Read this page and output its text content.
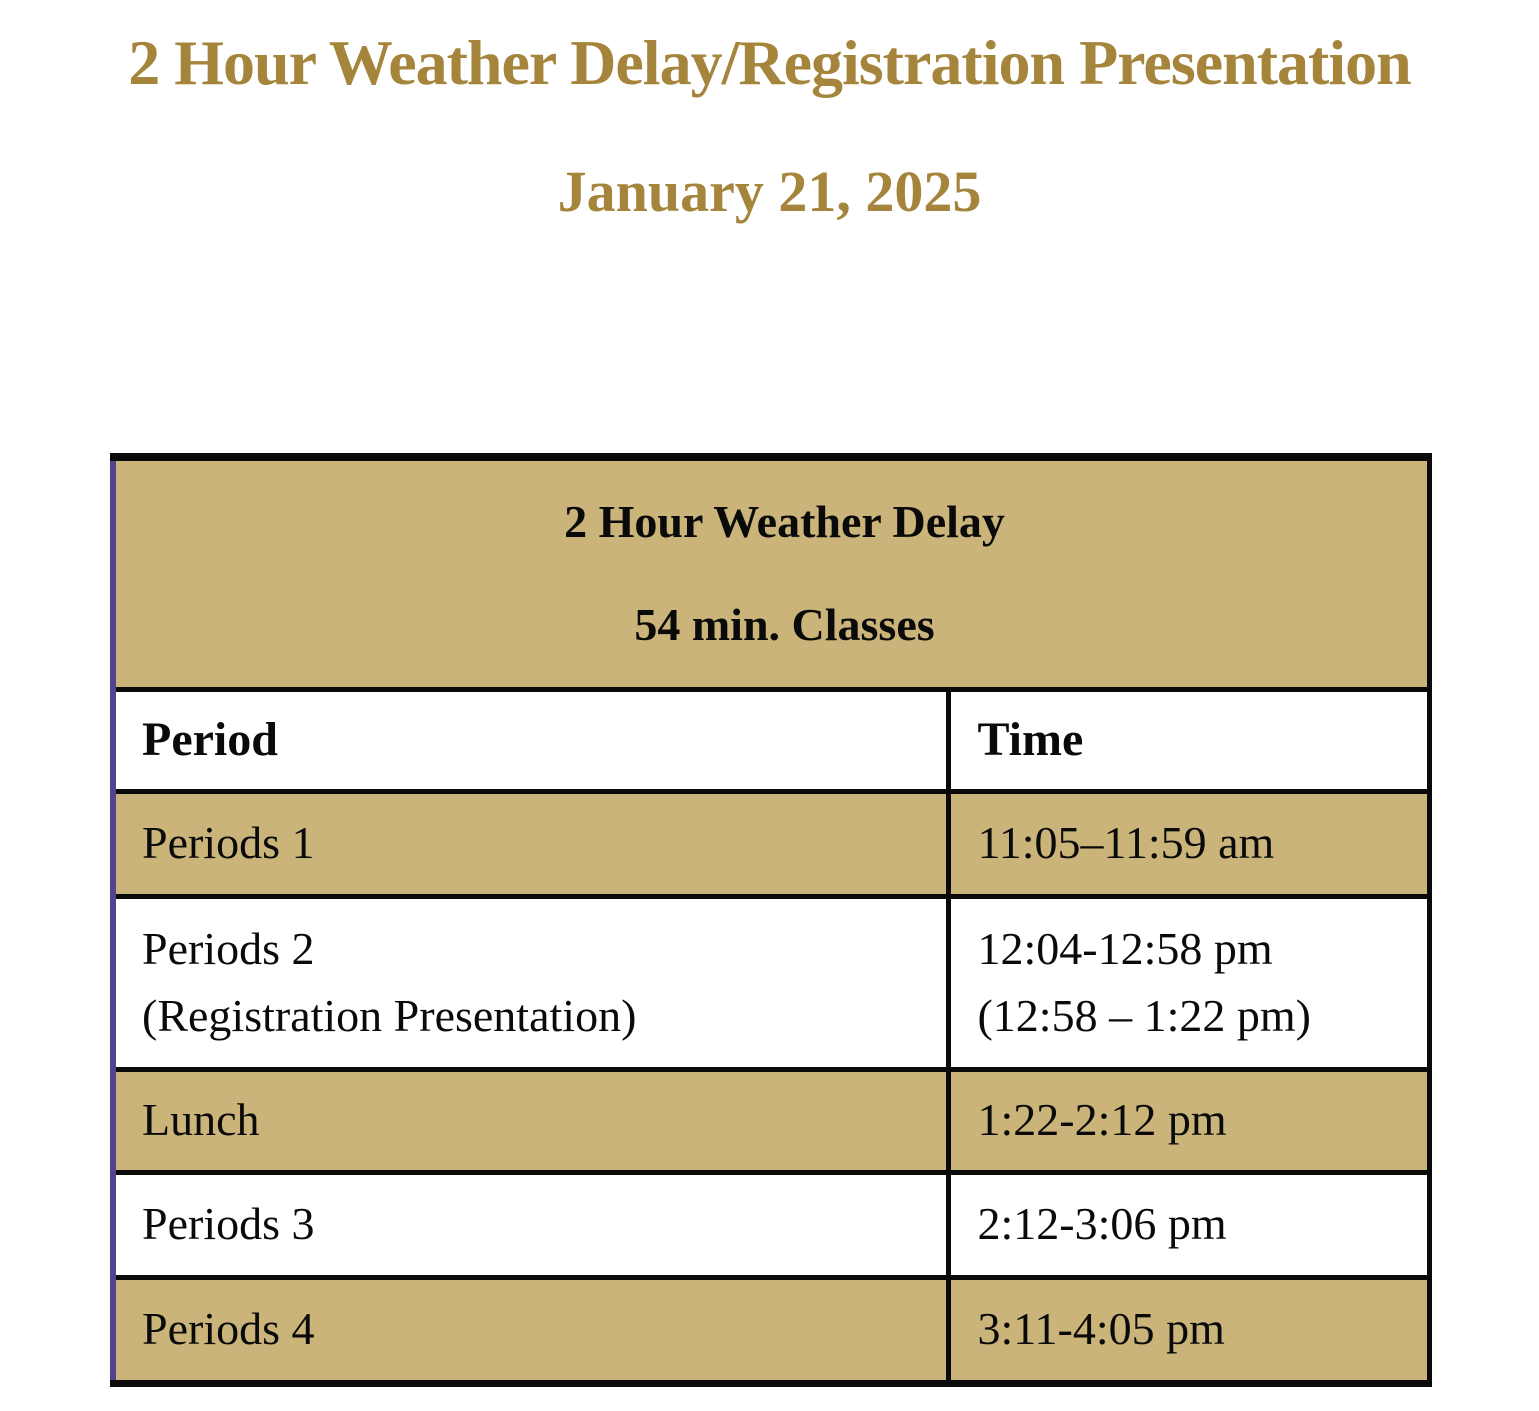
2 Hour Weather Delay/Registration Presentation
January 21, 2025
2 Hour Weather Delay
54 min. Classes	

Period	Time

Periods 1	11:05–11:59 am

Periods 2
(Registration Presentation)	12:04-12:58 pm
(12:58 – 1:22 pm)

Lunch	1:22-2:12 pm

Periods 3	2:12-3:06 pm

Periods 4	3:11-4:05 pm
